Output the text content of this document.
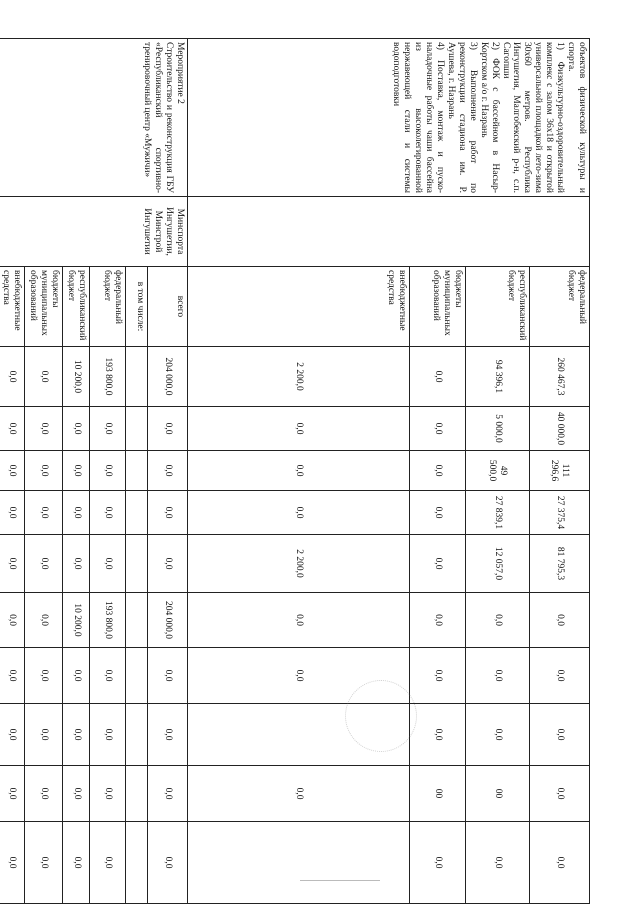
объектов физической культуры и спорта.
1) Физкультурно-оздоровительный комплекс с залом 36х18 и открытой универсальной площадкой лето-зима 30х60 метров. Республика Ингушетия, Малгобекский р-н, с.п. Сагопши
2) ФОК с бассейном в Насыр-Кортском а/о г. Назрань
3) Выполнение работ по реконструкции стадиона им. Р. Аушева, г. Назрань
4) Поставка, монтаж и пуско-наладочные работы чаши бассейна из высоколегированной нержавеющей стали и системы водоподготовки		федеральный бюджет	260 467,3	40 000,0	111 296,6	27 375,4	81 795,3	0,0	0,0	0,0	0,0	0,0
		республиканский бюджет	94 396,1	5 000,0	49 500,0	27 839,1	12 057,0	0,0	0,0	0,0	00	0,0
		бюджеты муниципальных образований	0,0	0,0	0,0	0,0	0,0	0,0	0,0	0,0	00	0,0
		внебюджетные средства	2 200,0	0,0	0,0	0,0	2 200,0	0,0	0,0		0,0	
Мероприятие 2
Строительство и реконструкция ГБУ «Республиканский спортивно-тренировочный центр «Мужичи»	Минспорта Ингушетии, Минстрой Ингушетии	всего	204 000,0	0,0	0,0	0,0	0,0	204 000,0	0,0	0,0	0,0	0,0
		в том числе:										
		федеральный бюджет	193 800,0	0,0	0,0	0,0	0,0	193 800,0	0,0	0,0	0,0	0,0
		республиканский бюджет	10 200,0	0,0	0,0	0,0	0,0	10 200,0	0,0	0,0	0,0	0,0
		бюджеты муниципальных образований	0,0	0,0	0,0	0,0	0,0	0,0	0,0	0,0	0,0	0,0
		внебюджетные средства	0,0	0,0	0,0	0,0	0,0	0,0	0,0	0,0	0,0	0,0
